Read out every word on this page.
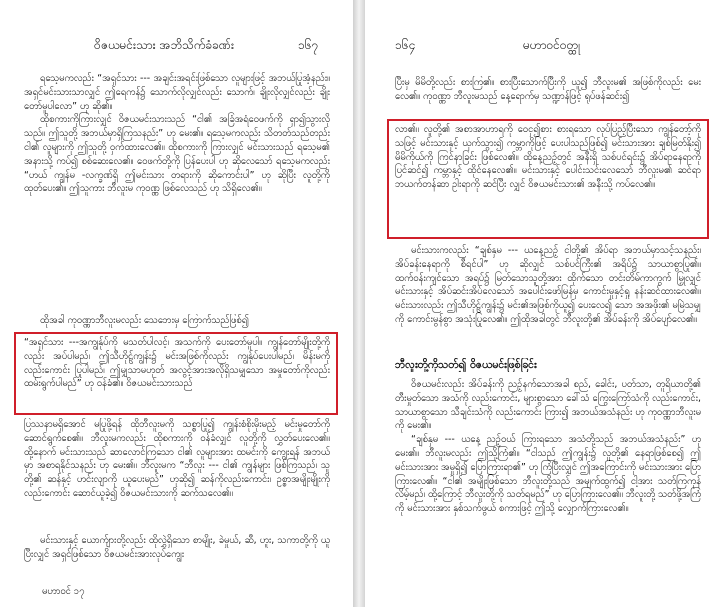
ဝိဇယမင်းသား အဘိသိက်ခံခဏ်း	၁၆၇

ရသေ့မကလည်း “အရှင်သား --- အချင်းအရင်းဖြစ်သော လူများဖြင့် အဘယ်ပြုအံ့နည်း။ အရှင်မင်းသားသာလျှင် ဤရေကန်၌ သောက်လိုလျှင်လည်း သောက်၊ ချိုးလိုလျှင်လည်း ချိုးတော်မူပါလော” ဟု ဆို၏။

ထိုစကားကိုကြားလျှင် ဝိဇယမင်းသားသည် “ငါ၏ အခြံအရံဝေဖက်ကို ရှာ၍သွားလိုသည်။ ဤသူတို့ အဘယ်မှာရှိကြသနည်း” ဟု မေး၏။ ရသေ့မကလည်း သိတတ်သည်တည်း ငါ၏ လူများကို ဤသူတို့ ဝှက်ထားလေ၏။ ထိုစကားကို ကြားလျှင် မင်းသားသည် ရသေ့မ၏ အနားသို့ ကပ်၍ စစ်ဆေးလေ၏။ ဝေဖက်တို့ကို ပြန်ပေးပါ ဟု ဆိုလေသော် ရသေ့မကလည်း “ဟယ် ကျွန်မ -လက္ခဏ်ရှိ ဤမင်းသား တရားကို ဆိုကောင်းပါ” ဟု ဆိုပြီး လူတို့ကို ထုတ်ပေး၏။ ဤသူကား ဘီလူးမ ကုဝဏ္ဏ ဖြစ်လေသည် ဟု သိရှိလေ၏။

ထိုအခါ ကုဝဏ္ဏာဘီလူးမလည်း သေဘေးမှ ကြောက်သည်ဖြစ်၍

“အရှင်သား ---အကျွန်ုပ်ကို မသတ်ပါလင့်၊ အသက်ကို ပေးတော်မူပါ။ ကျွန်တော်မျိုးတို့ကိုလည်း အပ်ပါမည်၊ ဤသီဟိုဠ်ကျွန်း၌ မင်းအဖြစ်ကိုလည်း ကျွန်ုပ်ပေးပါမည်၊ မိန်းမကိုလည်းကောင်း ပြုပါမည်၊ ဤမျှသာမဟုတ် အလွင့်အားအလိုရှိသမျှသော အမှုတော်ကိုလည်း ထမ်းရွက်ပါမည်” ဟု ဝန်ခံ၏။ ဝိဇယမင်းသားသည်

ပြဿနာမရှိအောင် မပြုဖို့ရန် ထိုဘီလူးမကို သစ္စာပြု၍ ကျွန်းစံစိုးမိုးမည့် မင်းမှုတော်ကို ဆောင်ရွက်စေ၏။ ဘီလူးမကလည်း ထိုစကားကို ဝန်ခံလျှင် လူတို့ကို လွှတ်ပေးလေ၏။ ထို့နောက် မင်းသားသည် ဆာလောင်ကြသော ငါ၏ လူများအား ထမင်းကို ကျွေးရန် အဘယ်မှာ အစာရနိုင်သနည်း ဟု မေး၏။ ဘီလူးမက “ဘီလူး --- ငါ၏ ကျွန်များ ဖြစ်ကြသည်၊ သူတို့၏ ဆန်နှင့် ဟင်းလျာကို ယူပေးမည်” ဟုဆို၍ ဆန်ကိုလည်းကောင်း၊ ဥစ္စာအမျိုးမျိုးကိုလည်းကောင်း ဆောင်ယူခဲ့၍ ဝိဇယမင်းသားကို ဆက်သလေ၏။

မင်းသားနှင့် ယောက်ျားတို့လည်း ထိုလွှဲရှိသော စာမျိုး, ခဲမှုယ်, ဆီ, ဟူး, သကာတို့ကို ယူပြီးလျှင် အရှင်ဖြစ်သော ဝိဇယမင်းအားလုပ်ကျွေး

မဟာဝင် ၁၇
၁၆၄	မဟာဝင်ဝတ္ထု

ပြီးမှ မိမိတို့လည်း စားကြ၏။ စားပြီးသောက်ပြီးကို ယူ၍ ဘီလူးမ၏ အဖြစ်ကိုလည်း မေးလေ၏။ ကုဝဏ္ဏာ ဘီလူးမသည် နေ့ရောက်မှ သဏ္ဍာန်ဖြင့် ရုပ်ဖန်ဆင်း၍

လာ၏။ လူတို့၏ အစာအာဟာရကို ဝေငှ၍စား စားရသော လုပ်ပြည့်ပြီးသော ကျွန်တော့်ကိုသဖြင့် မင်းသားနှင့် ယှက်သွား၍ ကမ္ဘာကိုဖြင့် ပေးပါသည်ဖြစ်၍ မင်းသားအား ချစ်မြတ်နိုး၍ မိမိကိုယ်ကို ကြင်နာခြင်း ဖြစ်လေ၏။ ထိုနေ့ညဉ့်တွင် အနီးရှိ သစ်ပင်ရင်း၌ အိပ်ရာနေရာကို ပြင်ဆင်၍ ကမ္ဘာနှင့် ထိုင်နေလေ၏။ မင်းသားနှင့် ပေါင်းသင်းလေသော် ဘီလူးမ၏ ဆင်ရာ ဘယက်တန်ဆာ ဥါးရာကို ဆင်ပြီး လျှင် ဝိဇယမင်းသား၏ အနီးသို့ ကပ်လေ၏။

မင်းသားကလည်း “ချစ်နှမ --- ယနေ့ညဉ့် ငါတို့၏ အိပ်ရာ အဘယ်မှာသင့်သနည်း၊ အိပ်ခန်းနေရာကို စီရင်ပါ” ဟု ဆိုလျှင် သစ်ပင်ကြီး၏ အရိပ်၌ သာယာစွာပြု၏။ ထက်ဝန်းကျင်သော အရပ်၌ မြတ်သောသူတို့အား ထိုက်သော တင်းတိမ်ကာကွက် မြှုလျှင် မင်းသားနှင့် အိပ်ဆင်းအိပ်လေသော် အပေါင်းဖော်မြန်မှ ကောင်းမှုနှင့်ရှု နန်းဆင်ထားလေ၏။ မင်းသားလည်း ဤသီဟိုဠ်ကျွန်း၌ မင်း၏အဖြစ်ကိုယူ၍ ပေးလေ၍ သော အအဖိုး၏ မမြဲသမျှကို ကောင်းမွန်စွာ အသုံးပြုလေ၏။ ဤထိုအခါတွင် ဘီလူးတို့၏ အိပ်ခန်းကို အိပ်ပျော်လေ၏။

ဘီလူးတို့ကိုသတ်၍ ဝိဇယမင်းဖြစ်ခြင်း

ဝိဇယမင်းလည်း အိပ်ခန်းကို ညဉ့်နက်သောအခါ စည်, ခေါင်း, ပတ်သာ, တူရိယာတို့၏ တီးမှုတ်သော အသံကို လည်းကောင်း, များစွာသော ခေါ်သံ ကြွေးကြော်သံကို လည်းကောင်း, သာယာစွာသော သီချင်းသံကို လည်းကောင်း ကြား၍ အဘယ်အသံနည်း ဟု ကုဝဏ္ဏာဘီလူးမကို မေး၏။

“ချစ်နှမ --- ယနေ့ ညဉ့်ဝယ် ကြားရသော အသံတို့သည် အဘယ်အသံနည်း” ဟု မေး၏။ ဘီလူးမလည်း ဤသို့ကြံ၏။ “ငါသည် ဤကျွန်း၌ လူတို့၏ နေရာဖြစ်စေ၍ ဤမင်းသားအား အမှုရှိ၍ ပြောကြားရာ၏” ဟု ကြံပြီးလျှင် ဤအကြောင်းကို မင်းသားအား ပြောကြားလေ၏။ “ငါ၏ အမျိုးဖြစ်သော ဘီလူးတို့သည် အမျက်ထွက်၍ ငါ့အား သတ်ကြကုန်လိမ့်မည်၊ ထို့ကြောင့် ဘီလူးတို့ကို သတ်ရမည်” ဟု ပြောကြားလေ၏။ ဘီလူးတို့ သတ်ဖို့အကြံကို မင်းသားအား နှစ်သက်ဖွယ် စကားဖြင့် ဤသို့ လျှောက်ကြားလေ၏။
